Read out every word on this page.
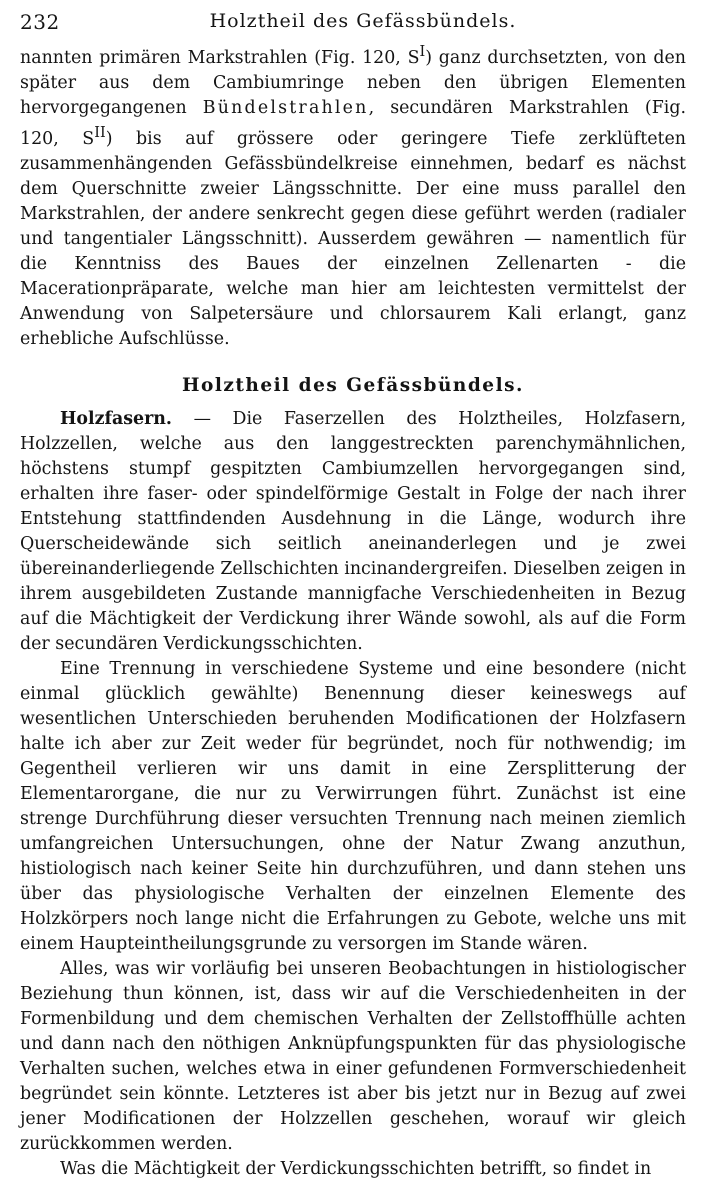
232	Holztheil des Gefässbündels.

nannten primären Markstrahlen (Fig. 120, $S^I$) ganz durchsetzten, von den später aus dem Cambiumringe neben den übrigen Elementen hervorgegangenen Bündelstrahlen, secundären Markstrahlen (Fig. 120, $S^{II}$) bis auf grössere oder geringere Tiefe zerklüfteten zusammenhängenden Gefässbündelkreise einnehmen, bedarf es nächst dem Querschnitte zweier Längsschnitte. Der eine muss parallel den Markstrahlen, der andere senkrecht gegen diese geführt werden (radialer und tangentialer Längsschnitt). Ausserdem gewähren — namentlich für die Kenntniss des Baues der einzelnen Zellenarten - die Macerationpräparate, welche man hier am leichtesten vermittelst der Anwendung von Salpetersäure und chlorsaurem Kali erlangt, ganz erhebliche Aufschlüsse.

Holztheil des Gefässbündels.

Holzfasern. — Die Faserzellen des Holztheiles, Holzfasern, Holzzellen, welche aus den langgestreckten parenchymähnlichen, höchstens stumpf gespitzten Cambiumzellen hervorgegangen sind, erhalten ihre faser- oder spindelförmige Gestalt in Folge der nach ihrer Entstehung stattfindenden Ausdehnung in die Länge, wodurch ihre Querscheidewände sich seitlich aneinanderlegen und je zwei übereinanderliegende Zellschichten incinandergreifen. Dieselben zeigen in ihrem ausgebildeten Zustande mannigfache Verschiedenheiten in Bezug auf die Mächtigkeit der Verdickung ihrer Wände sowohl, als auf die Form der secundären Verdickungsschichten.

Eine Trennung in verschiedene Systeme und eine besondere (nicht einmal glücklich gewählte) Benennung dieser keineswegs auf wesentlichen Unterschieden beruhenden Modificationen der Holzfasern halte ich aber zur Zeit weder für begründet, noch für nothwendig; im Gegentheil verlieren wir uns damit in eine Zersplitterung der Elementarorgane, die nur zu Verwirrungen führt. Zunächst ist eine strenge Durchführung dieser versuchten Trennung nach meinen ziemlich umfangreichen Untersuchungen, ohne der Natur Zwang anzuthun, histiologisch nach keiner Seite hin durchzuführen, und dann stehen uns über das physiologische Verhalten der einzelnen Elemente des Holzkörpers noch lange nicht die Erfahrungen zu Gebote, welche uns mit einem Haupteintheilungsgrunde zu versorgen im Stande wären.

Alles, was wir vorläufig bei unseren Beobachtungen in histiologischer Beziehung thun können, ist, dass wir auf die Verschiedenheiten in der Formenbildung und dem chemischen Verhalten der Zellstoffhülle achten und dann nach den nöthigen Anknüpfungspunkten für das physiologische Verhalten suchen, welches etwa in einer gefundenen Formverschiedenheit begründet sein könnte. Letzteres ist aber bis jetzt nur in Bezug auf zwei jener Modificationen der Holzzellen geschehen, worauf wir gleich zurückkommen werden.

Was die Mächtigkeit der Verdickungsschichten betrifft, so findet in
